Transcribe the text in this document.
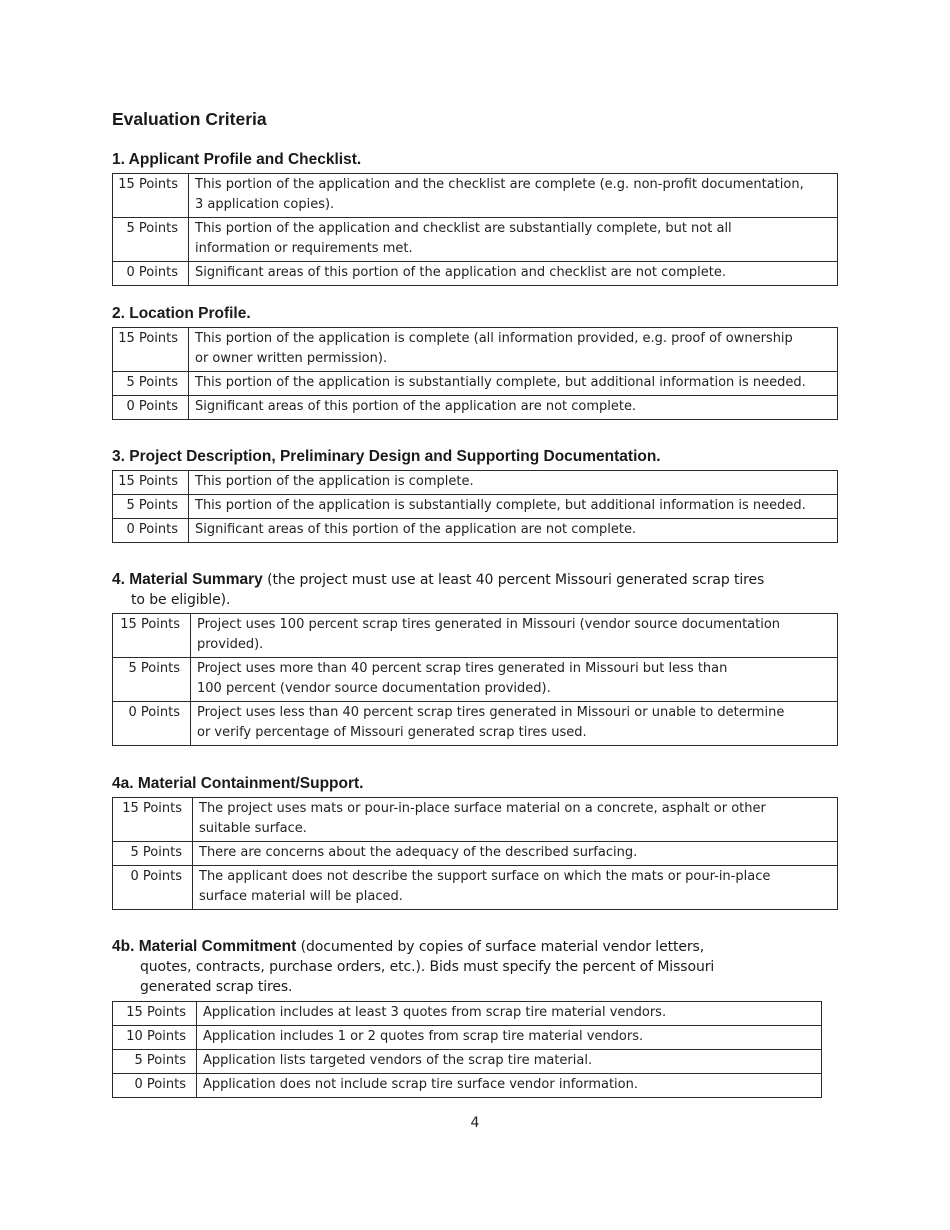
Evaluation Criteria
1. Applicant Profile and Checklist.
15 Points	This portion of the application and the checklist are complete (e.g. non-profit documentation,
3 application copies).
5 Points	This portion of the application and checklist are substantially complete, but not all
information or requirements met.
0 Points	Significant areas of this portion of the application and checklist are not complete.
2. Location Profile.
15 Points	This portion of the application is complete (all information provided, e.g. proof of ownership
or owner written permission).
5 Points	This portion of the application is substantially complete, but additional information is needed.
0 Points	Significant areas of this portion of the application are not complete.
3. Project Description, Preliminary Design and Supporting Documentation.
15 Points	This portion of the application is complete.
5 Points	This portion of the application is substantially complete, but additional information is needed.
0 Points	Significant areas of this portion of the application are not complete.
4. Material Summary (the project must use at least 40 percent Missouri generated scrap tires
to be eligible).
15 Points	Project uses 100 percent scrap tires generated in Missouri (vendor source documentation
provided).
5 Points	Project uses more than 40 percent scrap tires generated in Missouri but less than
100 percent (vendor source documentation provided).
0 Points	Project uses less than 40 percent scrap tires generated in Missouri or unable to determine
or verify percentage of Missouri generated scrap tires used.
4a. Material Containment/Support.
15 Points	The project uses mats or pour-in-place surface material on a concrete, asphalt or other
suitable surface.
5 Points	There are concerns about the adequacy of the described surfacing.
0 Points	The applicant does not describe the support surface on which the mats or pour-in-place
surface material will be placed.
4b. Material Commitment (documented by copies of surface material vendor letters,
quotes, contracts, purchase orders, etc.). Bids must specify the percent of Missouri
generated scrap tires.
15 Points	Application includes at least 3 quotes from scrap tire material vendors.
10 Points	Application includes 1 or 2 quotes from scrap tire material vendors.
5 Points	Application lists targeted vendors of the scrap tire material.
0 Points	Application does not include scrap tire surface vendor information.
4
